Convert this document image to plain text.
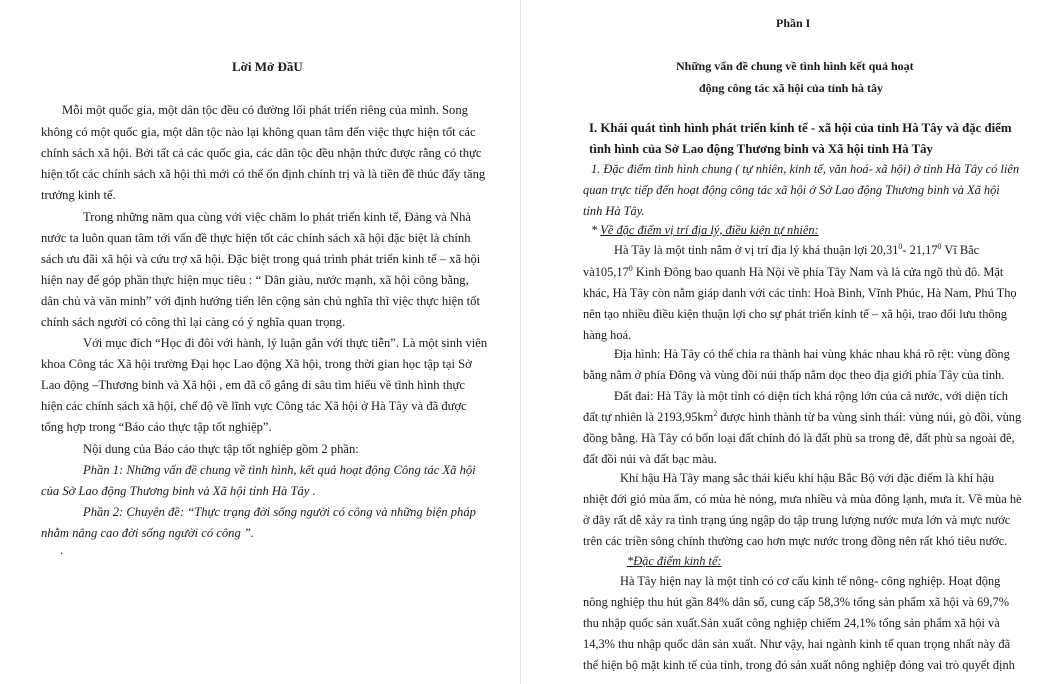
Lời Mở ĐầU

Mỗi một quốc gia, một dân tộc đều có đường lối phát triển riêng của mình. Song

không có một quốc gia, một dân tộc nào lại không quan tâm đến việc thực hiện tốt các

chính sách xã hội. Bởi tất cả các quốc gia, các dân tộc đều nhận thức được rằng có thực

hiện tốt các chính sách xã hội thì mới có thể ổn định chính trị và là tiền đề thúc đẩy tăng

trưởng kinh tế.

Trong những năm qua cùng với việc chăm lo phát triển kinh tế, Đảng và Nhà

nước ta luôn quan tâm tới vấn đề thực hiện tốt các chính sách xã hội đặc biệt là chính

sách ưu đãi xã hội và cứu trợ xã hội. Đặc biệt trong quá trình phát triển kinh tế – xã hội

hiện nay để góp phần thực hiện mục tiêu : “ Dân giàu, nước mạnh, xã hội công bằng,

dân chủ và văn minh” với định hướng tiến lên cộng sản chủ nghĩa thì việc thực hiện tốt

chính sách người có công thì lại càng có ý nghĩa quan trọng.

Với mục đích “Học đi đôi với hành, lý luận gắn với thực tiễn”. Là một sinh viên

khoa Công tác Xã hội trường Đại học Lao động Xã hội, trong thời gian học tập tại Sở

Lao động –Thương binh và Xã hội , em đã cố gắng đi sâu tìm hiểu về tình hình thực

hiện các chính sách xã hội, chế độ về lĩnh vực Công tác Xã hội ở Hà Tây và đã được

tổng hợp trong “Báo cáo thực tập tốt nghiệp”.

Nội dung của Báo cáo thực tập tốt nghiệp gồm 2 phần:

Phần 1: Những vấn đề chung về tình hình, kết quả hoạt động Công tác Xã hội

của Sở Lao động Thương binh và Xã hội tỉnh Hà Tây .

Phần 2: Chuyên đề: “Thực trạng đời sống người có công và những biện pháp

nhằm nâng cao đời sống người có công ”.

.

Phần I

Những vấn đề chung về tình hình kết quả hoạt

động công tác xã hội của tỉnh hà tây

I. Khái quát tình hình phát triển kinh tế - xã hội của tỉnh Hà Tây và đặc điểm

tình hình của Sở Lao động Thương binh và Xã hội tỉnh Hà Tây

1. Đặc điểm tình hình chung ( tự nhiên, kinh tế, văn hoá- xã hội) ở tỉnh Hà Tây có liên

quan trực tiếp đến hoạt động công tác xã hội ở Sở Lao động Thương binh và Xã hội

tỉnh Hà Tây.

* Về đặc điểm vị trí địa lý, điều kiện tự nhiên:

Hà Tây là một tỉnh nằm ở vị trí địa lý khá thuận lợi 20,31$^0$- 21,17$^0$ Vĩ Bắc

và105,17$^0$ Kinh Đông bao quanh Hà Nội về phía Tây Nam và là cửa ngõ thủ đô. Mặt

khác, Hà Tây còn nằm giáp danh với các tỉnh: Hoà Bình, Vĩnh Phúc, Hà Nam, Phú Thọ

nên tạo nhiều điều kiện thuận lợi cho sự phát triển kinh tế – xã hội, trao đổi lưu thông

hàng hoá.

Địa hình: Hà Tây có thể chia ra thành hai vùng khác nhau khá rõ rệt: vùng đồng

bằng nằm ở phía Đông và vùng đồi núi thấp nằm dọc theo địa giới phía Tây của tỉnh.

Đất đai: Hà Tây là một tỉnh có diện tích khá rộng lớn của cả nước, với diện tích

đất tự nhiên là $2193,95km^2$ được hình thành từ ba vùng sinh thái: vùng núi, gò đồi, vùng

đồng bằng. Hà Tây có bốn loại đất chính đó là đất phù sa trong đê, đất phù sa ngoài đê,

đất đồi núi và đất bạc màu.

Khí hậu Hà Tây mang sắc thái kiểu khí hậu Bắc Bộ với đặc điểm là khí hậu

nhiệt đới gió mùa ẩm, có mùa hè nóng, mưa nhiều và mùa đông lạnh, mưa ít. Về mùa hè

ở đây rất dễ xảy ra tình trạng úng ngập do tập trung lượng nước mưa lớn và mực nước

trên các triền sông chính thường cao hơn mực nước trong đồng nên rất khó tiêu nước.

*Đặc điểm kinh tế:

Hà Tây hiện nay là một tỉnh có cơ cấu kinh tế nông- công nghiệp. Hoạt động

nông nghiệp thu hút gần 84% dân số, cung cấp 58,3% tổng sản phẩm xã hội và 69,7%

thu nhập quốc sản xuất.Sản xuất công nghiệp chiếm 24,1% tổng sản phẩm xã hội và

14,3% thu nhập quốc dân sản xuất. Như vậy, hai ngành kinh tế quan trọng nhất này đã

thể hiện bộ mặt kinh tế của tỉnh, trong đó sản xuất nông nghiệp đóng vai trò quyết định
